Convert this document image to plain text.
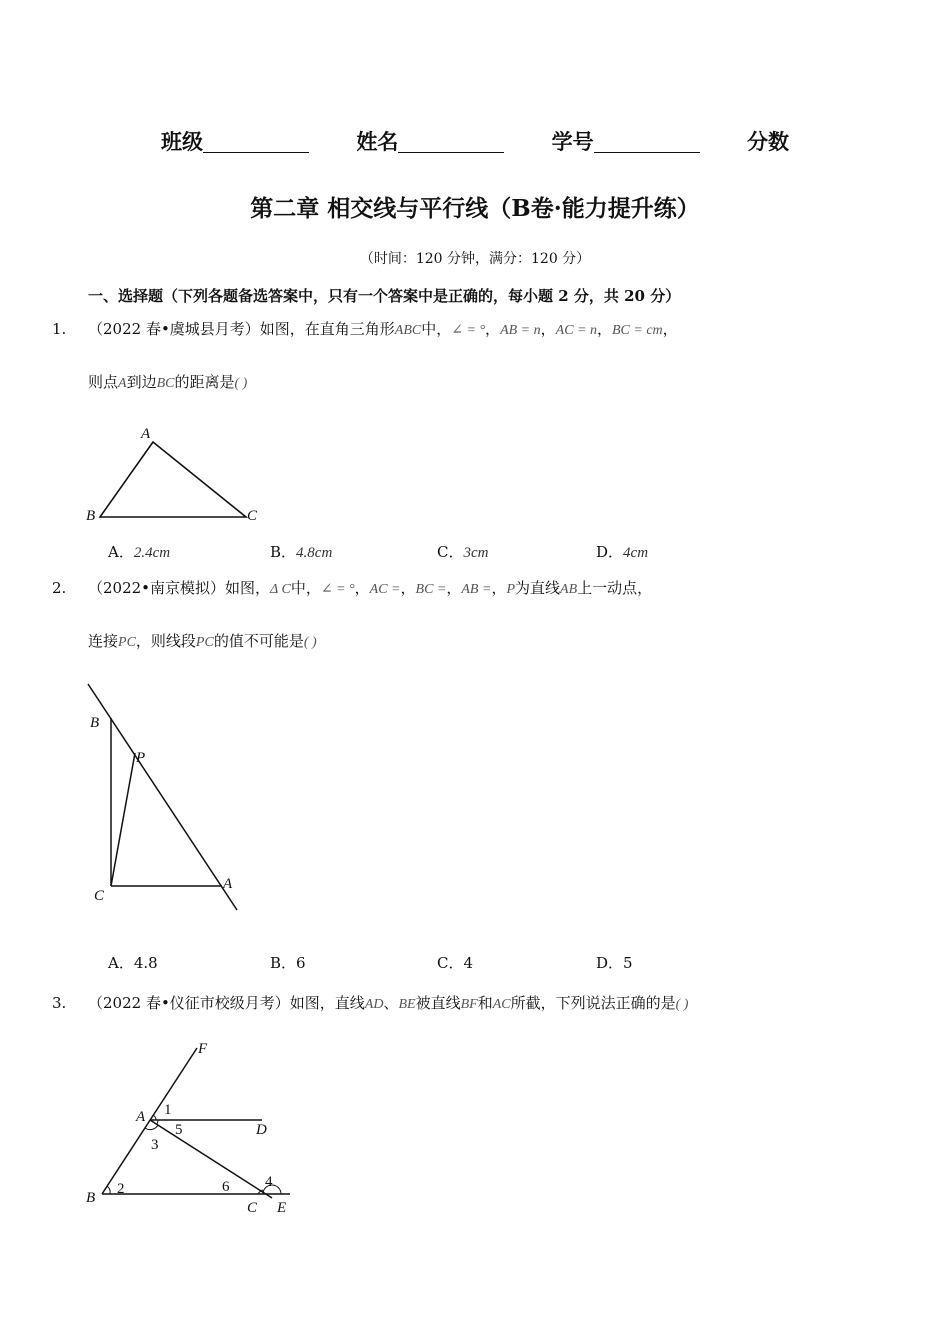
班级	姓名	学号	分数
第二章 相交线与平行线（B卷·能力提升练）
（时间：120 分钟，满分：120 分）
一、选择题（下列各题备选答案中，只有一个答案中是正确的，每小题 2 分，共 20 分）
1. （2022 春•虞城县月考）如图，在直角三角形ABC中，∠ = °，AB = n，AC = n，BC = cm，
则点A到边BC的距离是( )
A
B	C
A．2.4cm	B．4.8cm	C．3cm	D．4cm
2. （2022•南京模拟）如图，Δ C中，∠ = °，AC =，BC =，AB =，P为直线AB上一动点，
连接PC，则线段PC的值不可能是( )
B
P
C
A
A．4.8	B．6	C．4	D．5
3. （2022 春•仪征市校级月考）如图，直线AD、BE被直线BF和AC所截，下列说法正确的是( )
F
A 1
5
3
D
B
2	6 4
C E
